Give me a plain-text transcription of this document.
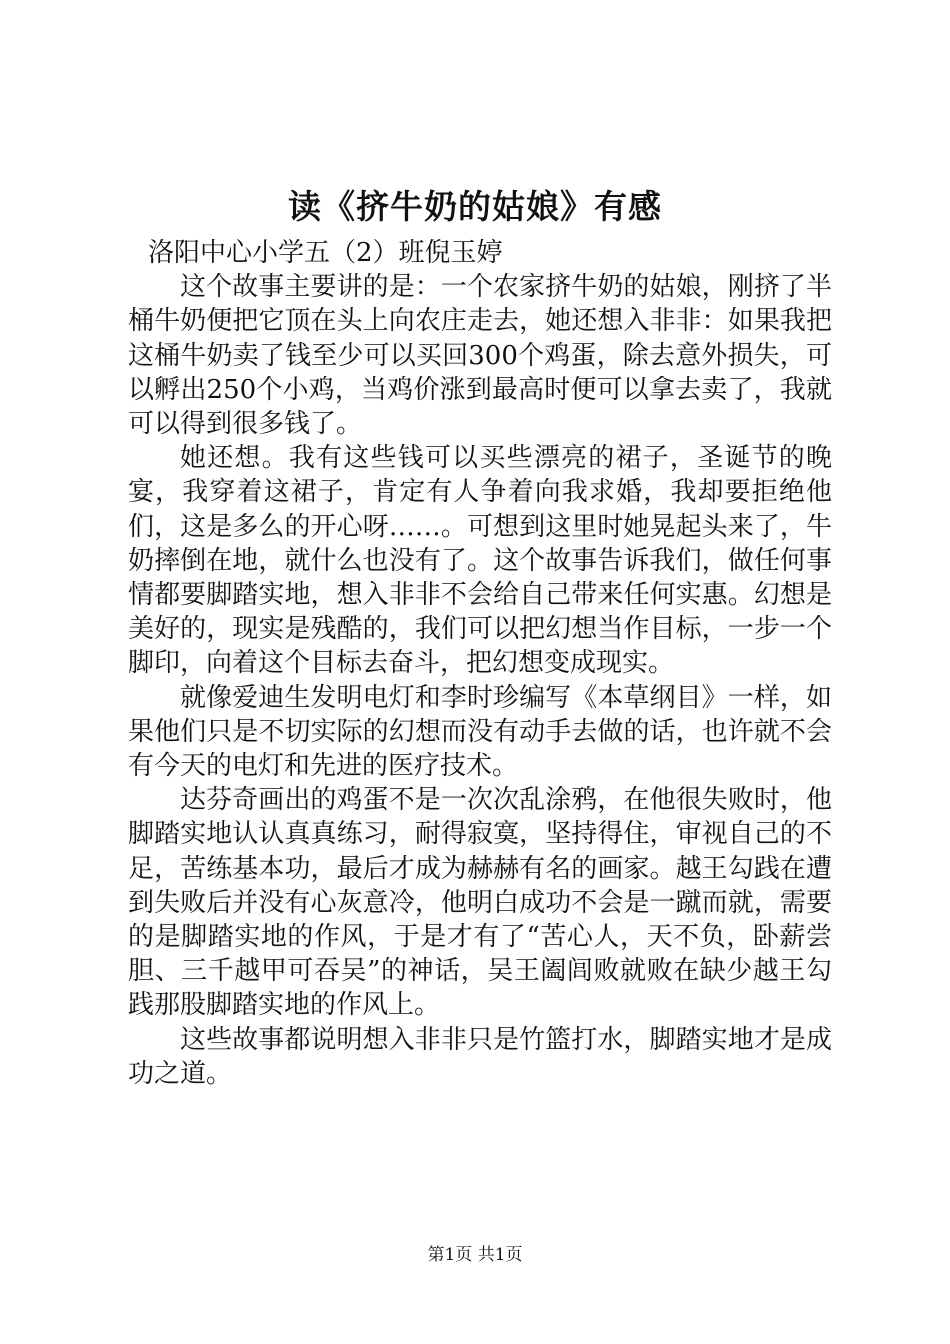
读《挤牛奶的姑娘》有感

洛阳中心小学五（2）班倪玉婷

这个故事主要讲的是：一个农家挤牛奶的姑娘，刚挤了半桶牛奶便把它顶在头上向农庄走去，她还想入非非：如果我把这桶牛奶卖了钱至少可以买回300个鸡蛋，除去意外损失，可以孵出250个小鸡，当鸡价涨到最高时便可以拿去卖了，我就可以得到很多钱了。

她还想。我有这些钱可以买些漂亮的裙子，圣诞节的晚宴，我穿着这裙子，肯定有人争着向我求婚，我却要拒绝他们，这是多么的开心呀……。可想到这里时她晃起头来了，牛奶摔倒在地，就什么也没有了。这个故事告诉我们，做任何事情都要脚踏实地，想入非非不会给自己带来任何实惠。幻想是美好的，现实是残酷的，我们可以把幻想当作目标，一步一个脚印，向着这个目标去奋斗，把幻想变成现实。

就像爱迪生发明电灯和李时珍编写《本草纲目》一样，如果他们只是不切实际的幻想而没有动手去做的话，也许就不会有今天的电灯和先进的医疗技术。

达芬奇画出的鸡蛋不是一次次乱涂鸦，在他很失败时，他脚踏实地认认真真练习，耐得寂寞，坚持得住，审视自己的不足，苦练基本功，最后才成为赫赫有名的画家。越王勾践在遭到失败后并没有心灰意冷，他明白成功不会是一蹴而就，需要的是脚踏实地的作风，于是才有了“苦心人，天不负，卧薪尝胆、三千越甲可吞吴”的神话，吴王阖闾败就败在缺少越王勾践那股脚踏实地的作风上。

这些故事都说明想入非非只是竹篮打水，脚踏实地才是成功之道。

第1页 共1页
